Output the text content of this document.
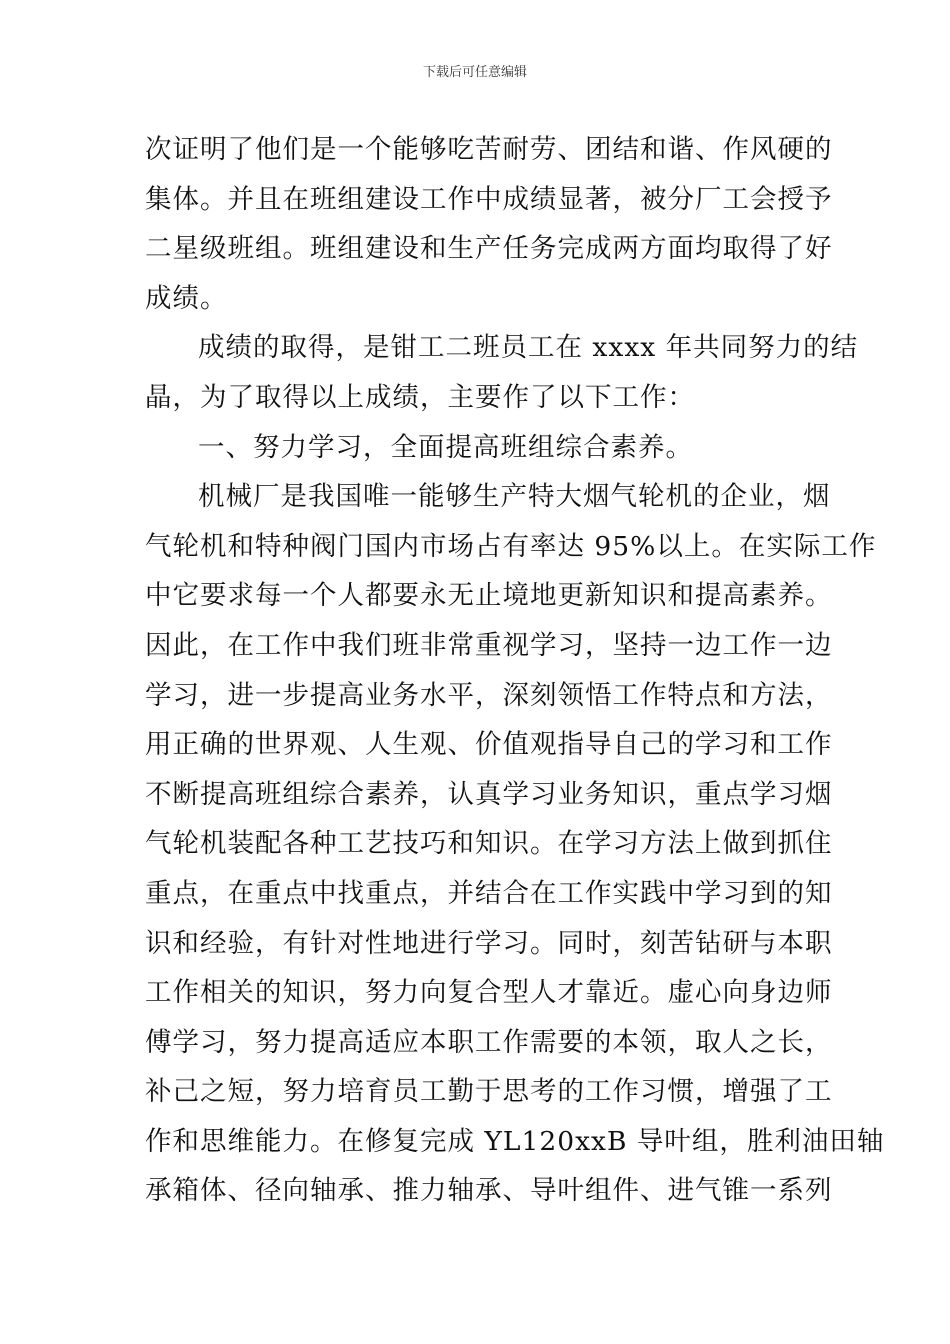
下载后可任意编辑
次证明了他们是一个能够吃苦耐劳、团结和谐、作风硬的
集体。并且在班组建设工作中成绩显著，被分厂工会授予
二星级班组。班组建设和生产任务完成两方面均取得了好
成绩。
成绩的取得，是钳工二班员工在 xxxx 年共同努力的结
晶，为了取得以上成绩，主要作了以下工作：
一、努力学习，全面提高班组综合素养。
机械厂是我国唯一能够生产特大烟气轮机的企业，烟
气轮机和特种阀门国内市场占有率达 95%以上。在实际工作
中它要求每一个人都要永无止境地更新知识和提高素养。
因此，在工作中我们班非常重视学习，坚持一边工作一边
学习，进一步提高业务水平，深刻领悟工作特点和方法，
用正确的世界观、人生观、价值观指导自己的学习和工作
不断提高班组综合素养，认真学习业务知识，重点学习烟
气轮机装配各种工艺技巧和知识。在学习方法上做到抓住
重点，在重点中找重点，并结合在工作实践中学习到的知
识和经验，有针对性地进行学习。同时，刻苦钻研与本职
工作相关的知识，努力向复合型人才靠近。虚心向身边师
傅学习，努力提高适应本职工作需要的本领，取人之长，
补己之短，努力培育员工勤于思考的工作习惯，增强了工
作和思维能力。在修复完成 YL120xxB 导叶组，胜利油田轴
承箱体、径向轴承、推力轴承、导叶组件、进气锥一系列
